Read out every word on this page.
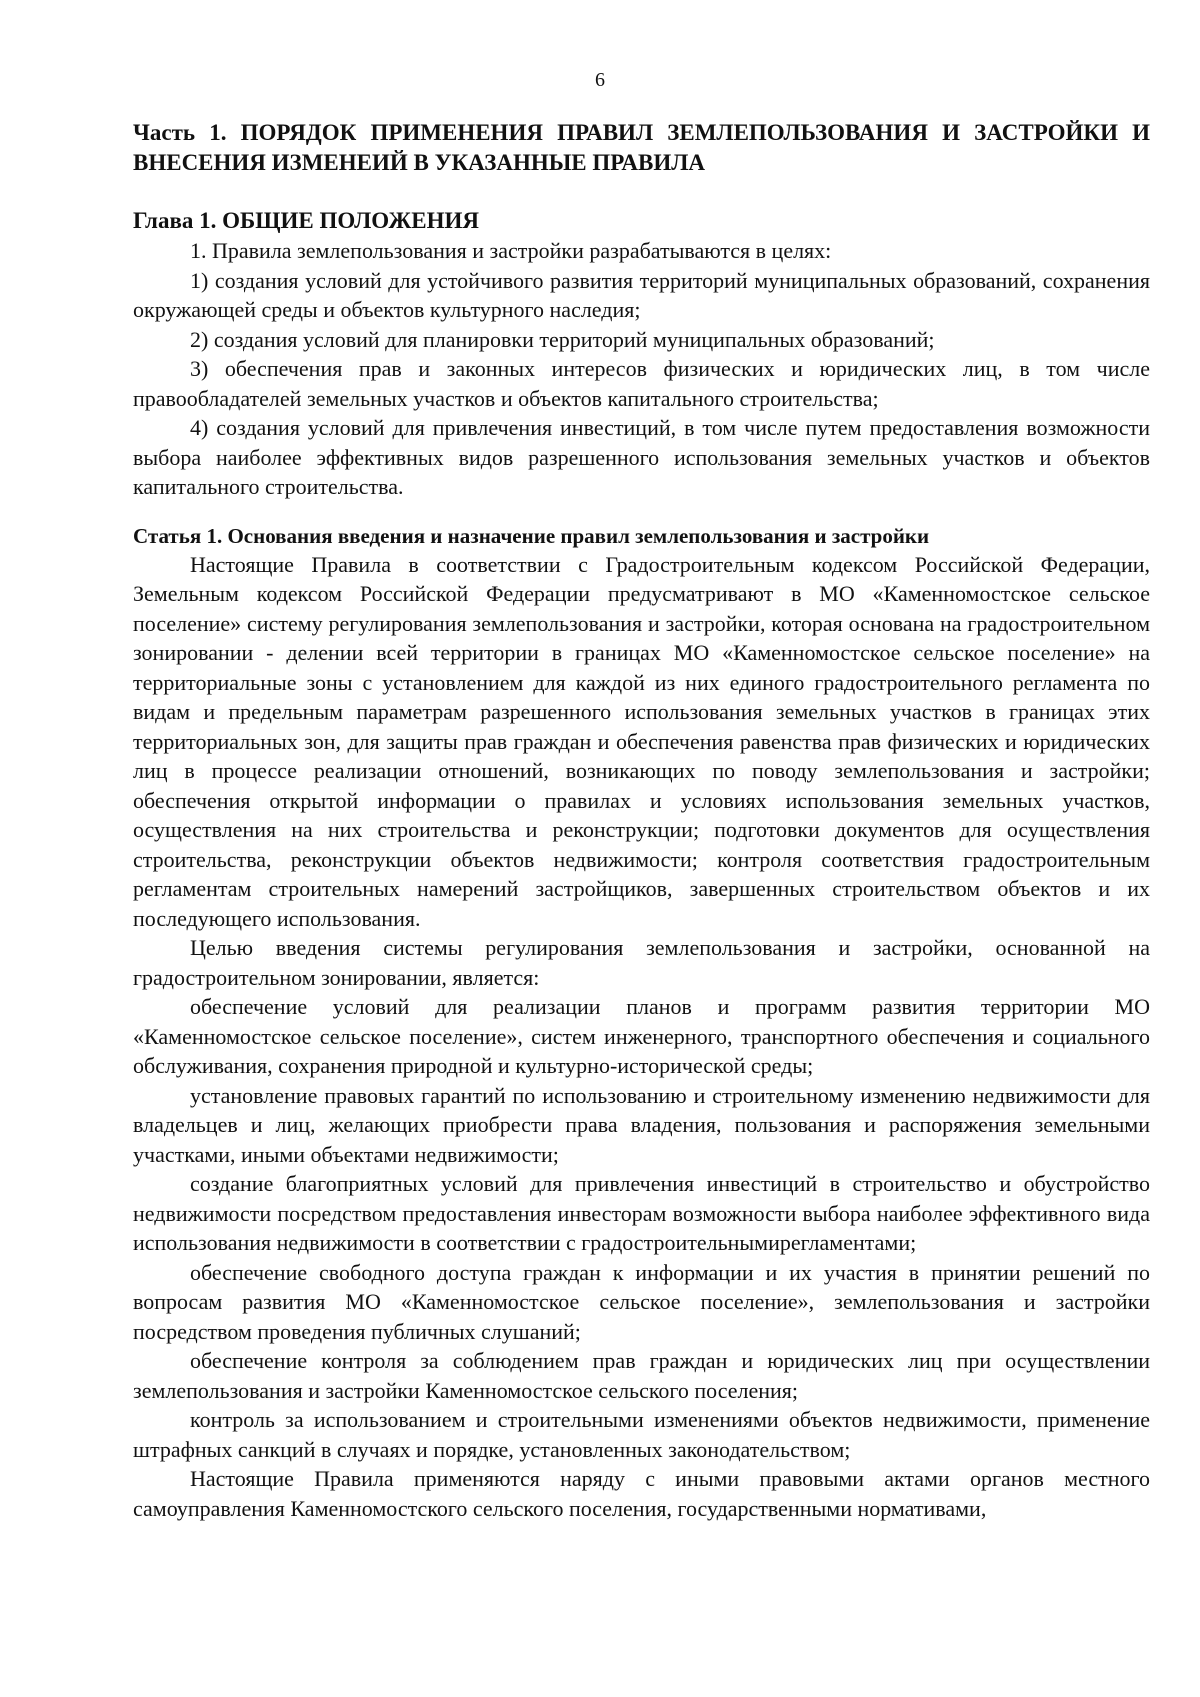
6
Часть 1. ПОРЯДОК ПРИМЕНЕНИЯ ПРАВИЛ ЗЕМЛЕПОЛЬЗОВАНИЯ И ЗАСТРОЙКИ И ВНЕСЕНИЯ ИЗМЕНЕИЙ В УКАЗАННЫЕ ПРАВИЛА
Глава 1. ОБЩИЕ ПОЛОЖЕНИЯ

1. Правила землепользования и застройки разрабатываются в целях:

1) создания условий для устойчивого развития территорий муниципальных образований, сохранения окружающей среды и объектов культурного наследия;

2) создания условий для планировки территорий муниципальных образований;

3) обеспечения прав и законных интересов физических и юридических лиц, в том числе правообладателей земельных участков и объектов капитального строительства;

4) создания условий для привлечения инвестиций, в том числе путем предоставления возможности выбора наиболее эффективных видов разрешенного использования земельных участков и объектов капитального строительства.

Статья 1. Основания введения и назначение правил землепользования и застройки

Настоящие Правила в соответствии с Градостроительным кодексом Российской Федерации, Земельным кодексом Российской Федерации предусматривают в МО «Каменномостское сельское поселение» систему регулирования землепользования и застройки, которая основана на градостроительном зонировании - делении всей территории в границах МО «Каменномостское сельское поселение» на территориальные зоны с установлением для каждой из них единого градостроительного регламента по видам и предельным параметрам разрешенного использования земельных участков в границах этих территориальных зон, для защиты прав граждан и обеспечения равенства прав физических и юридических лиц в процессе реализации отношений, возникающих по поводу землепользования и застройки; обеспечения открытой информации о правилах и условиях использования земельных участков, осуществления на них строительства и реконструкции; подготовки документов для осуществления строительства, реконструкции объектов недвижимости; контроля соответствия градостроительным регламентам строительных намерений застройщиков, завершенных строительством объектов и их последующего использования.

Целью введения системы регулирования землепользования и застройки, основанной на градостроительном зонировании, является:

обеспечение условий для реализации планов и программ развития территории МО «Каменномостское сельское поселение», систем инженерного, транспортного обеспечения и социального обслуживания, сохранения природной и культурно-исторической среды;

установление правовых гарантий по использованию и строительному изменению недвижимости для владельцев и лиц, желающих приобрести права владения, пользования и распоряжения земельными участками, иными объектами недвижимости;

создание благоприятных условий для привлечения инвестиций в строительство и обустройство недвижимости посредством предоставления инвесторам возможности выбора наиболее эффективного вида использования недвижимости в соответствии с градостроительнымирегламентами;

обеспечение свободного доступа граждан к информации и их участия в принятии решений по вопросам развития МО «Каменномостское сельское поселение», землепользования и застройки посредством проведения публичных слушаний;

обеспечение контроля за соблюдением прав граждан и юридических лиц при осуществлении землепользования и застройки Каменномостское сельского поселения;

контроль за использованием и строительными изменениями объектов недвижимости, применение штрафных санкций в случаях и порядке, установленных законодательством;

Настоящие Правила применяются наряду с иными правовыми актами органов местного самоуправления Каменномостского сельского поселения, государственными нормативами,
